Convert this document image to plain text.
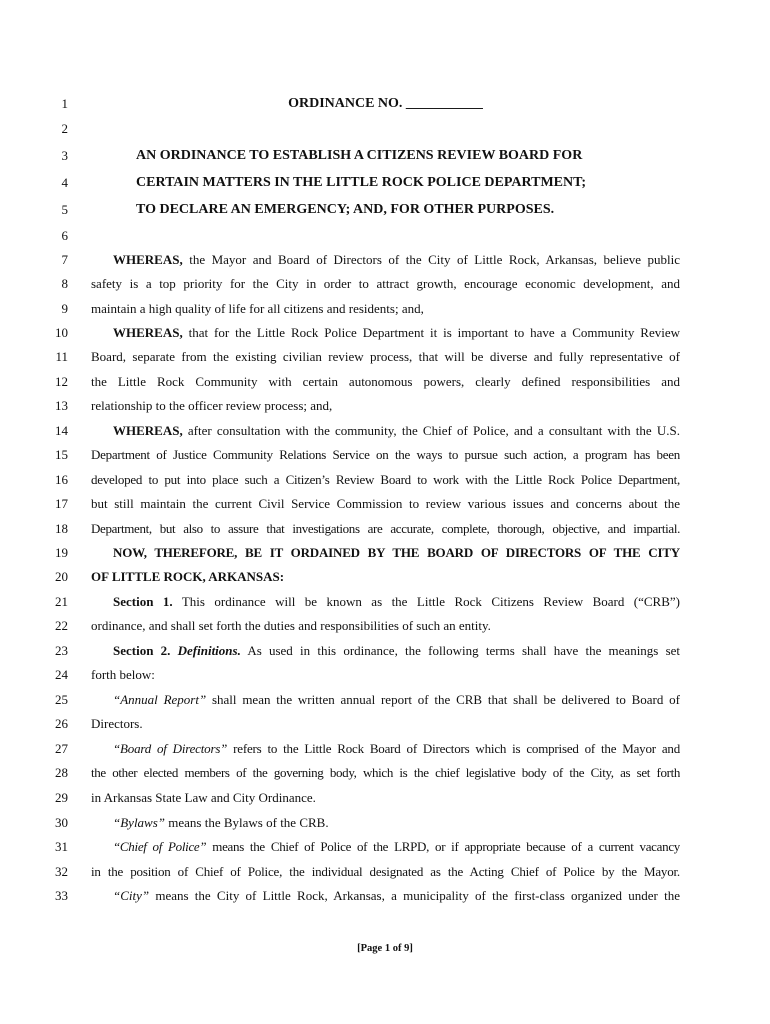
1
2
3
4
5
6
7
8
9
10
11
12
13
14
15
16
17
18
19
20
21
22
23
24
25
26
27
28
29
30
31
32
33
ORDINANCE NO. ___________
AN ORDINANCE TO ESTABLISH A CITIZENS REVIEW BOARD FOR
CERTAIN MATTERS IN THE LITTLE ROCK POLICE DEPARTMENT;
TO DECLARE AN EMERGENCY; AND, FOR OTHER PURPOSES.
WHEREAS, the Mayor and Board of Directors of the City of Little Rock, Arkansas, believe public
safety is a top priority for the City in order to attract growth, encourage economic development, and
maintain a high quality of life for all citizens and residents; and,
WHEREAS, that for the Little Rock Police Department it is important to have a Community Review
Board, separate from the existing civilian review process, that will be diverse and fully representative of
the Little Rock Community with certain autonomous powers, clearly defined responsibilities and
relationship to the officer review process; and,
WHEREAS, after consultation with the community, the Chief of Police, and a consultant with the U.S.
Department of Justice Community Relations Service on the ways to pursue such action, a program has been
developed to put into place such a Citizen’s Review Board to work with the Little Rock Police Department,
but still maintain the current Civil Service Commission to review various issues and concerns about the
Department, but also to assure that investigations are accurate, complete, thorough, objective, and impartial.
NOW, THEREFORE, BE IT ORDAINED BY THE BOARD OF DIRECTORS OF THE CITY
OF LITTLE ROCK, ARKANSAS:
Section 1. This ordinance will be known as the Little Rock Citizens Review Board (“CRB”)
ordinance, and shall set forth the duties and responsibilities of such an entity.
Section 2. Definitions. As used in this ordinance, the following terms shall have the meanings set
forth below:
“Annual Report” shall mean the written annual report of the CRB that shall be delivered to Board of
Directors.
“Board of Directors” refers to the Little Rock Board of Directors which is comprised of the Mayor and
the other elected members of the governing body, which is the chief legislative body of the City, as set forth
in Arkansas State Law and City Ordinance.
“Bylaws” means the Bylaws of the CRB.
“Chief of Police” means the Chief of Police of the LRPD, or if appropriate because of a current vacancy
in the position of Chief of Police, the individual designated as the Acting Chief of Police by the Mayor.
“City” means the City of Little Rock, Arkansas, a municipality of the first-class organized under the
[Page 1 of 9]
